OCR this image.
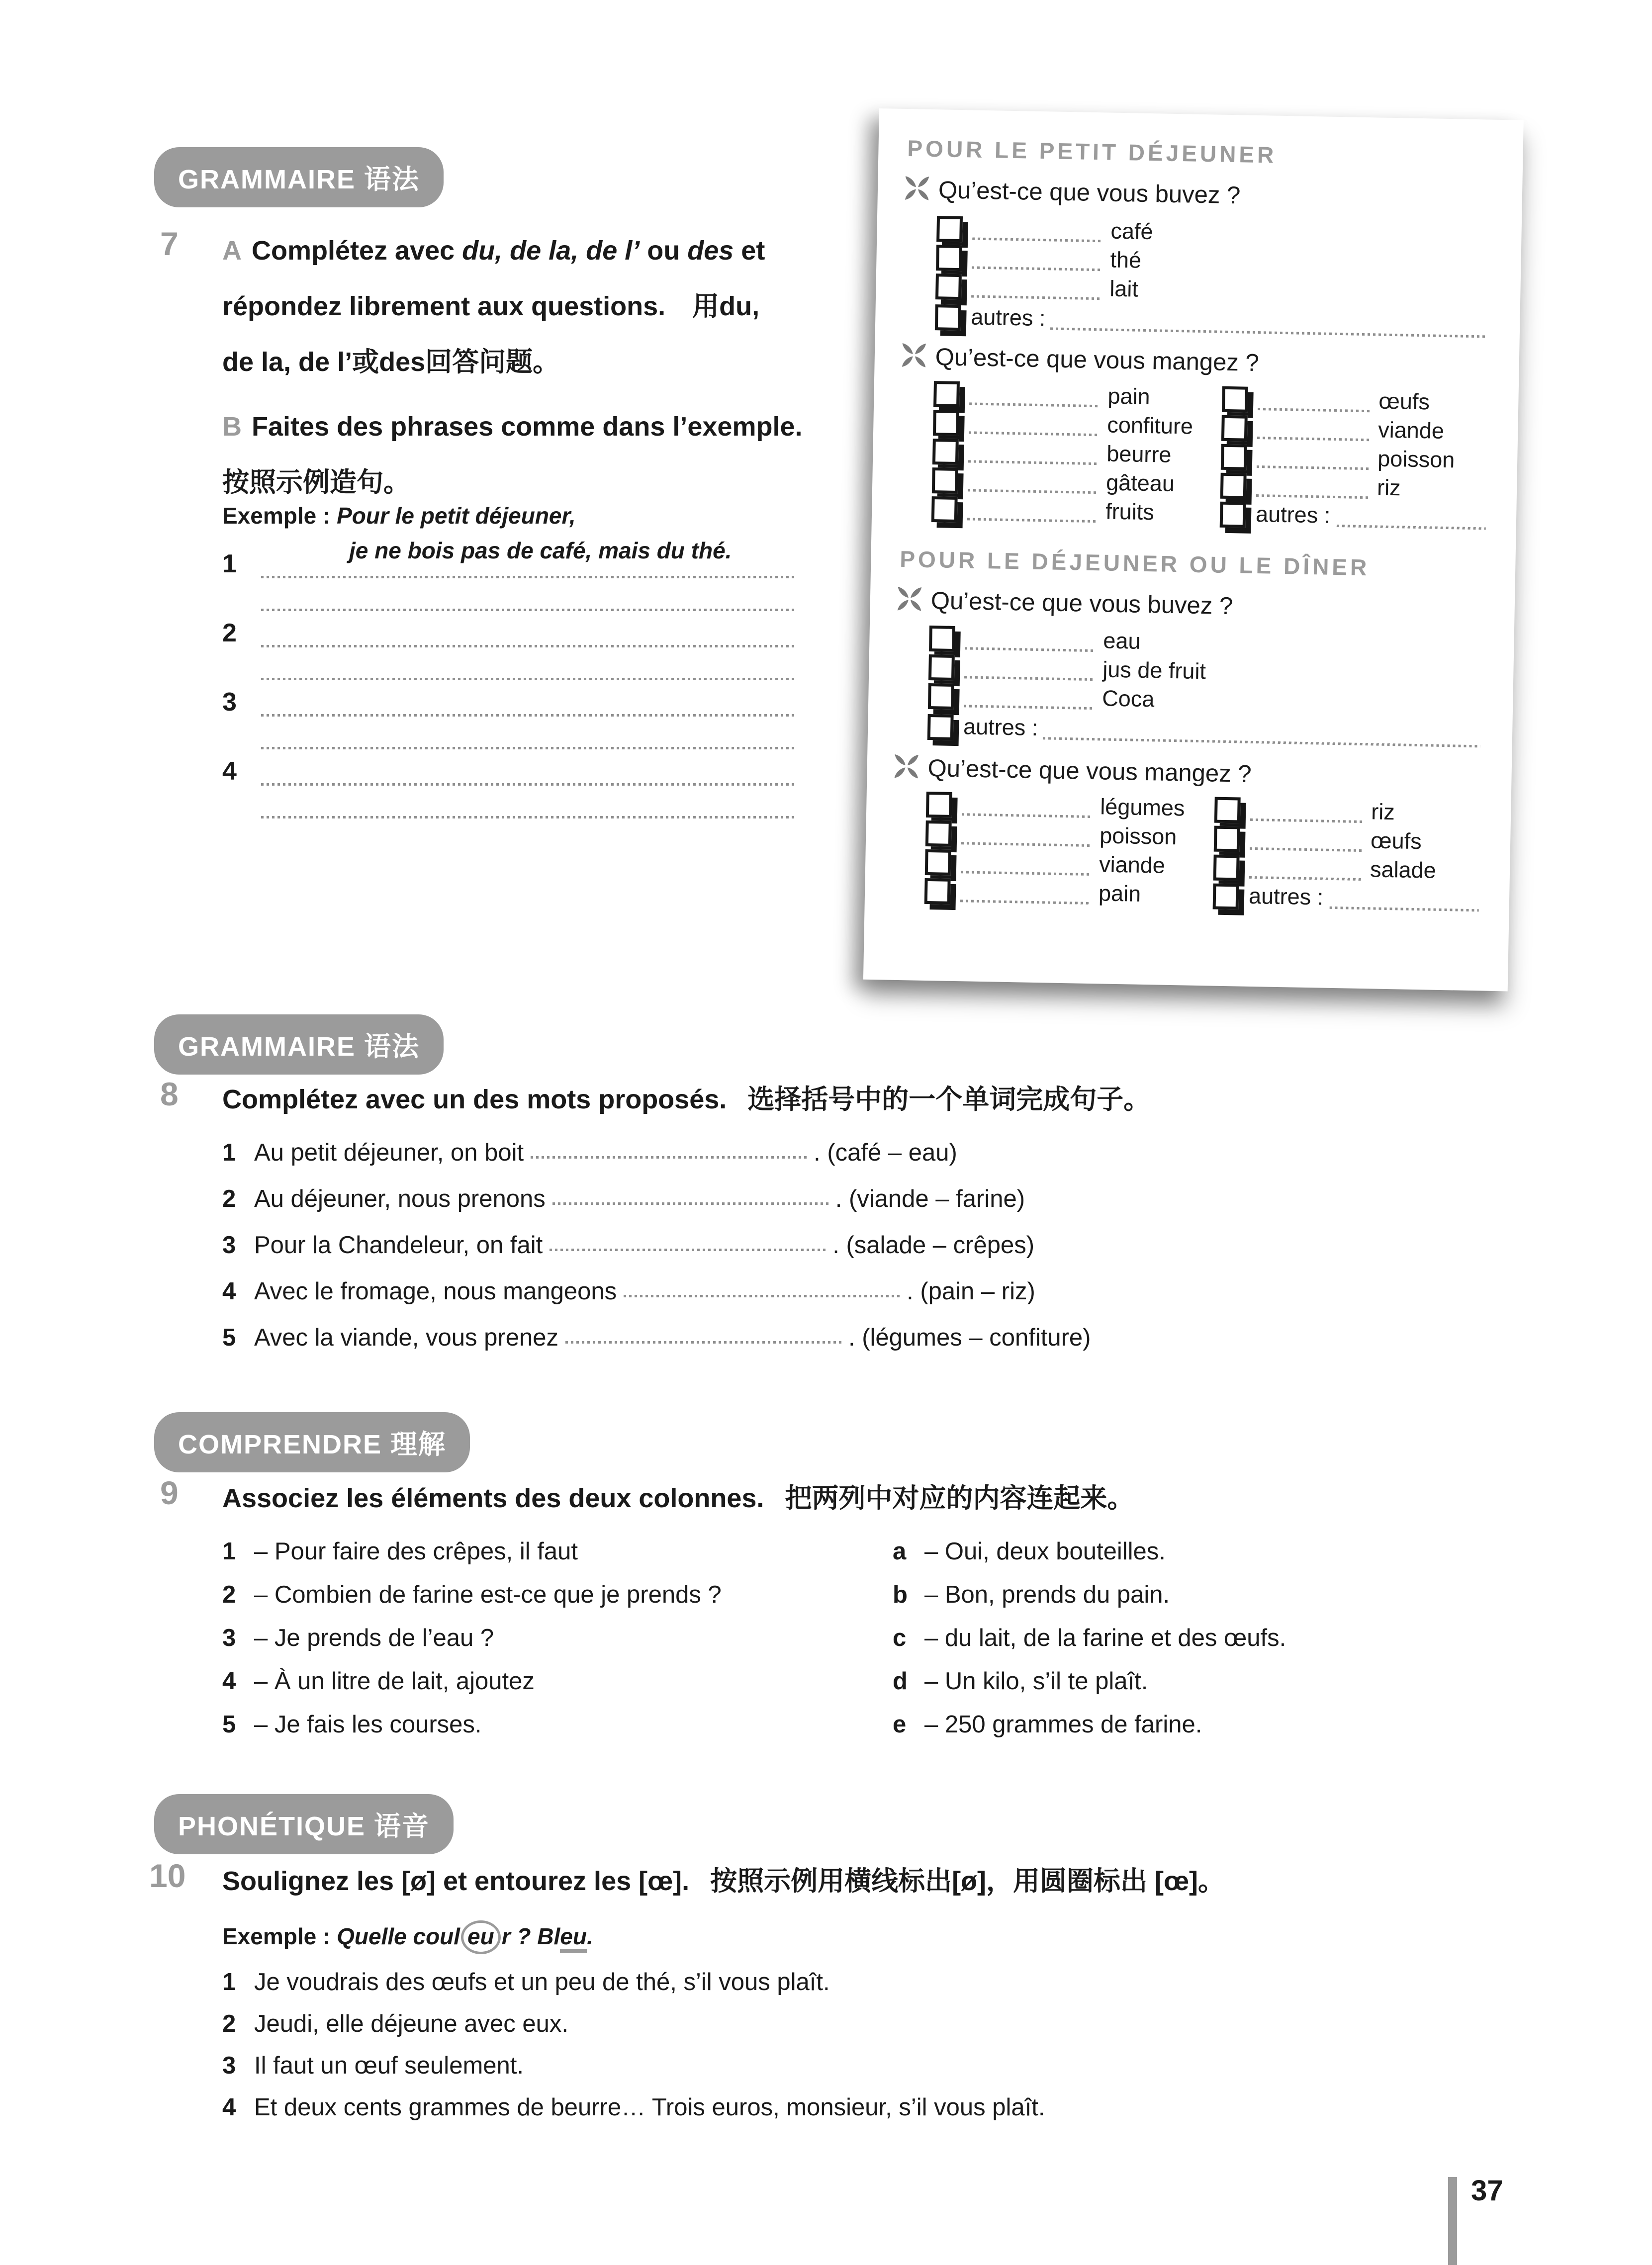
GRAMMAIRE 语法
7 A Complétez avec du, de la, de l’ ou des et
répondez librement aux questions.　用du,
de la, de l’或des回答问题。
B Faites des phrases comme dans l’exemple.
按照示例造句。
Exemple : Pour le petit déjeuner,
je ne bois pas de café, mais du thé.
1
2
3
4
POUR LE PETIT DÉJEUNER
Qu’est-ce que vous buvez ?
café
thé
lait
autres :
Qu’est-ce que vous mangez ?
pain	œufs
confiture	viande
beurre	poisson
gâteau	riz
fruits	autres :
POUR LE DÉJEUNER OU LE DÎNER
Qu’est-ce que vous buvez ?
eau
jus de fruit
Coca
autres :
Qu’est-ce que vous mangez ?
légumes	riz
poisson	œufs
viande	salade
pain	autres :
GRAMMAIRE 语法
8 Complétez avec un des mots proposés. 选择括号中的一个单词完成句子。
1 Au petit déjeuner, on boit	. (café – eau)
2 Au déjeuner, nous prenons	. (viande – farine)
3 Pour la Chandeleur, on fait	. (salade – crêpes)
4 Avec le fromage, nous mangeons	. (pain – riz)
5 Avec la viande, vous prenez	. (légumes – confiture)
COMPRENDRE 理解
9 Associez les éléments des deux colonnes. 把两列中对应的内容连起来。
1 – Pour faire des crêpes, il faut
2 – Combien de farine est-ce que je prends ?
3 – Je prends de l’eau ?
4 – À un litre de lait, ajoutez
5 – Je fais les courses.
a – Oui, deux bouteilles.
b – Bon, prends du pain.
c – du lait, de la farine et des œufs.
d – Un kilo, s’il te plaît.
e – 250 grammes de farine.
PHONÉTIQUE 语音
10 Soulignez les [ø] et entourez les [œ]. 按照示例用横线标出[ø]，用圆圈标出 [œ]。
Exemple : Quelle coul eu r ? Bleu.
1 Je voudrais des œufs et un peu de thé, s’il vous plaît.
2 Jeudi, elle déjeune avec eux.
3 Il faut un œuf seulement.
4 Et deux cents grammes de beurre… Trois euros, monsieur, s’il vous plaît.
37
